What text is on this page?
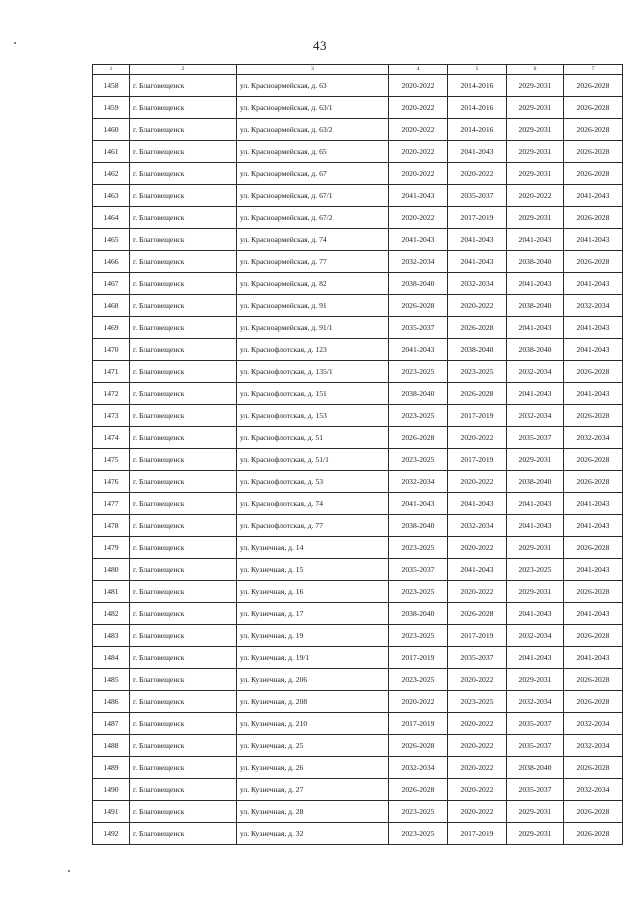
43
1	2	3	4	5	6	7
1458	г. Благовещенск	ул. Красноармейская, д. 63	2020-2022	2014-2016	2029-2031	2026-2028
1459	г. Благовещенск	ул. Красноармейская, д. 63/1	2020-2022	2014-2016	2029-2031	2026-2028
1460	г. Благовещенск	ул. Красноармейская, д. 63/2	2020-2022	2014-2016	2029-2031	2026-2028
1461	г. Благовещенск	ул. Красноармейская, д. 65	2020-2022	2041-2043	2029-2031	2026-2028
1462	г. Благовещенск	ул. Красноармейская, д. 67	2020-2022	2020-2022	2029-2031	2026-2028
1463	г. Благовещенск	ул. Красноармейская, д. 67/1	2041-2043	2035-2037	2020-2022	2041-2043
1464	г. Благовещенск	ул. Красноармейская, д. 67/2	2020-2022	2017-2019	2029-2031	2026-2028
1465	г. Благовещенск	ул. Красноармейская, д. 74	2041-2043	2041-2043	2041-2043	2041-2043
1466	г. Благовещенск	ул. Красноармейская, д. 77	2032-2034	2041-2043	2038-2040	2026-2028
1467	г. Благовещенск	ул. Красноармейская, д. 82	2038-2040	2032-2034	2041-2043	2041-2043
1468	г. Благовещенск	ул. Красноармейская, д. 91	2026-2028	2020-2022	2038-2040	2032-2034
1469	г. Благовещенск	ул. Красноармейская, д. 91/1	2035-2037	2026-2028	2041-2043	2041-2043
1470	г. Благовещенск	ул. Краснофлотская, д. 123	2041-2043	2038-2040	2038-2040	2041-2043
1471	г. Благовещенск	ул. Краснофлотская, д. 135/1	2023-2025	2023-2025	2032-2034	2026-2028
1472	г. Благовещенск	ул. Краснофлотская, д. 151	2038-2040	2026-2028	2041-2043	2041-2043
1473	г. Благовещенск	ул. Краснофлотская, д. 153	2023-2025	2017-2019	2032-2034	2026-2028
1474	г. Благовещенск	ул. Краснофлотская, д. 51	2026-2028	2020-2022	2035-2037	2032-2034
1475	г. Благовещенск	ул. Краснофлотская, д. 51/1	2023-2025	2017-2019	2029-2031	2026-2028
1476	г. Благовещенск	ул. Краснофлотская, д. 53	2032-2034	2020-2022	2038-2040	2026-2028
1477	г. Благовещенск	ул. Краснофлотская, д. 74	2041-2043	2041-2043	2041-2043	2041-2043
1478	г. Благовещенск	ул. Краснофлотская, д. 77	2038-2040	2032-2034	2041-2043	2041-2043
1479	г. Благовещенск	ул. Кузнечная, д. 14	2023-2025	2020-2022	2029-2031	2026-2028
1480	г. Благовещенск	ул. Кузнечная, д. 15	2035-2037	2041-2043	2023-2025	2041-2043
1481	г. Благовещенск	ул. Кузнечная, д. 16	2023-2025	2020-2022	2029-2031	2026-2028
1482	г. Благовещенск	ул. Кузнечная, д. 17	2038-2040	2026-2028	2041-2043	2041-2043
1483	г. Благовещенск	ул. Кузнечная, д. 19	2023-2025	2017-2019	2032-2034	2026-2028
1484	г. Благовещенск	ул. Кузнечная, д. 19/1	2017-2019	2035-2037	2041-2043	2041-2043
1485	г. Благовещенск	ул. Кузнечная, д. 206	2023-2025	2020-2022	2029-2031	2026-2028
1486	г. Благовещенск	ул. Кузнечная, д. 208	2020-2022	2023-2025	2032-2034	2026-2028
1487	г. Благовещенск	ул. Кузнечная, д. 210	2017-2019	2020-2022	2035-2037	2032-2034
1488	г. Благовещенск	ул. Кузнечная, д. 25	2026-2028	2020-2022	2035-2037	2032-2034
1489	г. Благовещенск	ул. Кузнечная, д. 26	2032-2034	2020-2022	2038-2040	2026-2028
1490	г. Благовещенск	ул. Кузнечная, д. 27	2026-2028	2020-2022	2035-2037	2032-2034
1491	г. Благовещенск	ул. Кузнечная, д. 28	2023-2025	2020-2022	2029-2031	2026-2028
1492	г. Благовещенск	ул. Кузнечная, д. 32	2023-2025	2017-2019	2029-2031	2026-2028
